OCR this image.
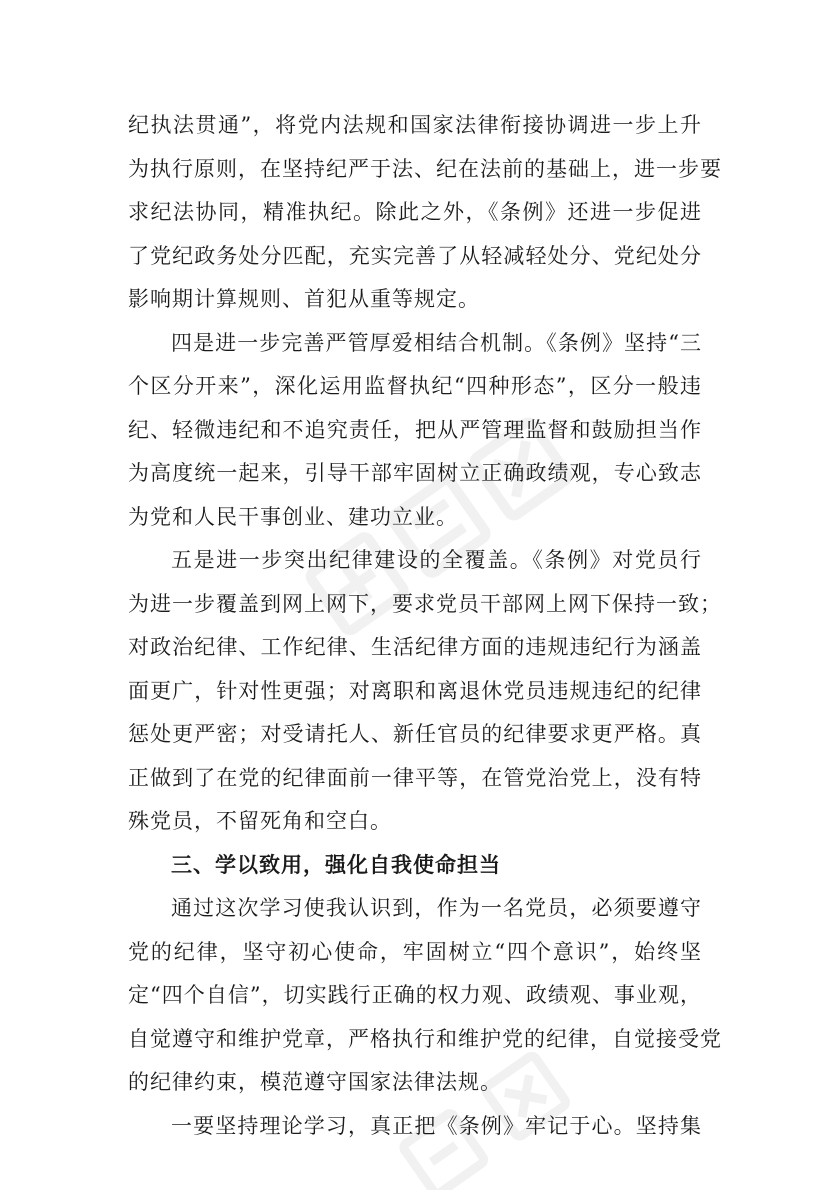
纪执法贯通”，将党内法规和国家法律衔接协调进一步上升
为执行原则，在坚持纪严于法、纪在法前的基础上，进一步要
求纪法协同，精准执纪。除此之外，《条例》还进一步促进
了党纪政务处分匹配，充实完善了从轻减轻处分、党纪处分
影响期计算规则、首犯从重等规定。
四是进一步完善严管厚爱相结合机制。《条例》坚持“三
个区分开来”，深化运用监督执纪“四种形态”，区分一般违
纪、轻微违纪和不追究责任，把从严管理监督和鼓励担当作
为高度统一起来，引导干部牢固树立正确政绩观，专心致志
为党和人民干事创业、建功立业。
五是进一步突出纪律建设的全覆盖。《条例》对党员行
为进一步覆盖到网上网下，要求党员干部网上网下保持一致；
对政治纪律、工作纪律、生活纪律方面的违规违纪行为涵盖
面更广，针对性更强；对离职和离退休党员违规违纪的纪律
惩处更严密；对受请托人、新任官员的纪律要求更严格。真
正做到了在党的纪律面前一律平等，在管党治党上，没有特
殊党员，不留死角和空白。
三、学以致用，强化自我使命担当
通过这次学习使我认识到，作为一名党员，必须要遵守
党的纪律，坚守初心使命，牢固树立“四个意识”，始终坚
定“四个自信”，切实践行正确的权力观、政绩观、事业观，
自觉遵守和维护党章，严格执行和维护党的纪律，自觉接受党
的纪律约束，模范遵守国家法律法规。
一要坚持理论学习，真正把《条例》牢记于心。坚持集
